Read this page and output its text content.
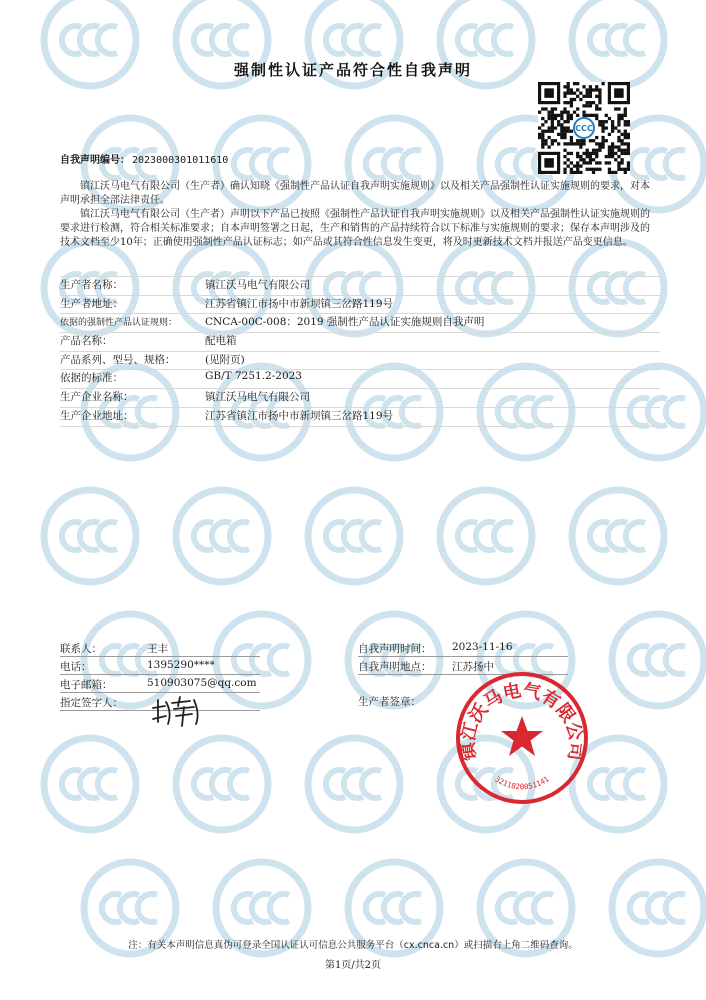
强制性认证产品符合性自我声明
CCC
自我声明编号： 2023000301011610

镇江沃马电气有限公司（生产者）确认知晓《强制性产品认证自我声明实施规则》以及相关产品强制性认证实施规则的要求，对本声明承担全部法律责任。

镇江沃马电气有限公司（生产者）声明以下产品已按照《强制性产品认证自我声明实施规则》以及相关产品强制性认证实施规则的要求进行检测，符合相关标准要求；自本声明签署之日起，生产和销售的产品持续符合以下标准与实施规则的要求；保存本声明涉及的技术文档至少10年；正确使用强制性产品认证标志；如产品或其符合性信息发生变更，将及时更新技术文档并报送产品变更信息。

生产者名称：	镇江沃马电气有限公司
生产者地址：	江苏省镇江市扬中市新坝镇三岔路119号
依据的强制性产品认证规则：	CNCA-00C-008：2019 强制性产品认证实施规则自我声明
产品名称：	配电箱
产品系列、型号、规格：	(见附页)
依据的标准：	GB/T 7251.2-2023
生产企业名称：	镇江沃马电气有限公司
生产企业地址：	江苏省镇江市扬中市新坝镇三岔路119号
联系人：	王丰
电话：	1395290****
电子邮箱：	510903075@qq.com
指定签字人：
自我声明时间： 2023-11-16
自我声明地点： 江苏扬中
生产者签章：
镇江沃马电气有限公司
3211820051141
注：有关本声明信息真伪可登录全国认证认可信息公共服务平台（cx.cnca.cn）或扫描右上角二维码查询。
第1页/共2页
